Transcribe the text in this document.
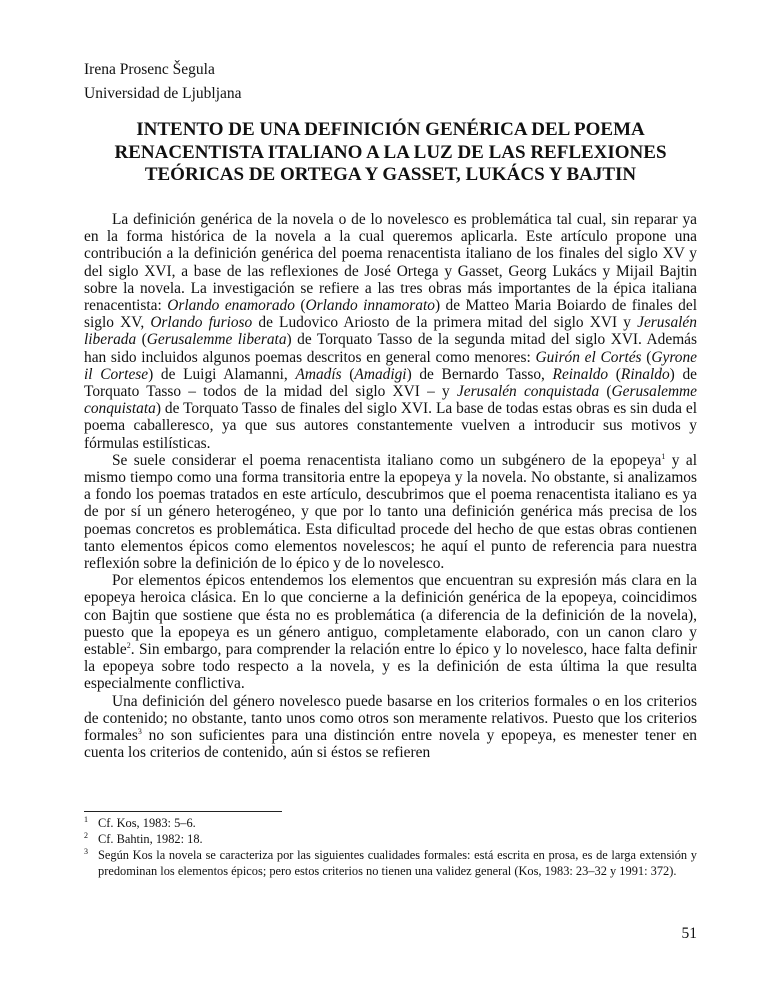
Irena Prosenc Šegula
Universidad de Ljubljana
INTENTO DE UNA DEFINICIÓN GENÉRICA DEL POEMA
RENACENTISTA ITALIANO A LA LUZ DE LAS REFLEXIONES
TEÓRICAS DE ORTEGA Y GASSET, LUKÁCS Y BAJTIN

La definición genérica de la novela o de lo novelesco es problemática tal cual, sin reparar ya en la forma histórica de la novela a la cual queremos aplicarla. Este artículo propone una contribución a la definición genérica del poema renacentista italiano de los finales del siglo XV y del siglo XVI, a base de las reflexiones de José Ortega y Gasset, Georg Lukács y Mijail Bajtin sobre la novela. La investigación se refiere a las tres obras más importantes de la épica italiana renacentista: Orlando enamorado (Orlando innamorato) de Matteo Maria Boiardo de finales del siglo XV, Orlando furioso de Ludovico Ariosto de la primera mitad del siglo XVI y Jerusalén liberada (Gerusalemme liberata) de Torquato Tasso de la segunda mitad del siglo XVI. Además han sido incluidos algunos poemas descritos en general como menores: Guirón el Cortés (Gyrone il Cortese) de Luigi Alamanni, Amadís (Amadigi) de Bernardo Tasso, Reinaldo (Rinaldo) de Torquato Tasso – todos de la midad del siglo XVI – y Jerusalén conquistada (Gerusalemme conquistata) de Torquato Tasso de finales del siglo XVI. La base de todas estas obras es sin duda el poema caballeresco, ya que sus autores constantemente vuelven a introducir sus motivos y fórmulas estilísticas.

Se suele considerar el poema renacentista italiano como un subgénero de la epopeya$^1$ y al mismo tiempo como una forma transitoria entre la epopeya y la novela. No obstante, si analizamos a fondo los poemas tratados en este artículo, descubrimos que el poema renacentista italiano es ya de por sí un género heterogéneo, y que por lo tanto una definición genérica más precisa de los poemas concretos es problemática. Esta dificultad procede del hecho de que estas obras contienen tanto elementos épicos como elementos novelescos; he aquí el punto de referencia para nuestra reflexión sobre la definición de lo épico y de lo novelesco.

Por elementos épicos entendemos los elementos que encuentran su expresión más clara en la epopeya heroica clásica. En lo que concierne a la definición genérica de la epopeya, coincidimos con Bajtin que sostiene que ésta no es problemática (a diferencia de la definición de la novela), puesto que la epopeya es un género antiguo, completamente elaborado, con un canon claro y estable$^2$. Sin embargo, para comprender la relación entre lo épico y lo novelesco, hace falta definir la epopeya sobre todo respecto a la novela, y es la definición de esta última la que resulta especialmente conflictiva.

Una definición del género novelesco puede basarse en los criterios formales o en los criterios de contenido; no obstante, tanto unos como otros son meramente relativos. Puesto que los criterios formales$^3$ no son suficientes para una distinción entre novela y epopeya, es menester tener en cuenta los criterios de contenido, aún si éstos se refieren

1 Cf. Kos, 1983: 5–6.
2 Cf. Bahtin, 1982: 18.
3 Según Kos la novela se caracteriza por las siguientes cualidades formales: está escrita en prosa, es de larga extensión y predominan los elementos épicos; pero estos criterios no tienen una validez general (Kos, 1983: 23–32 y 1991: 372).
51
